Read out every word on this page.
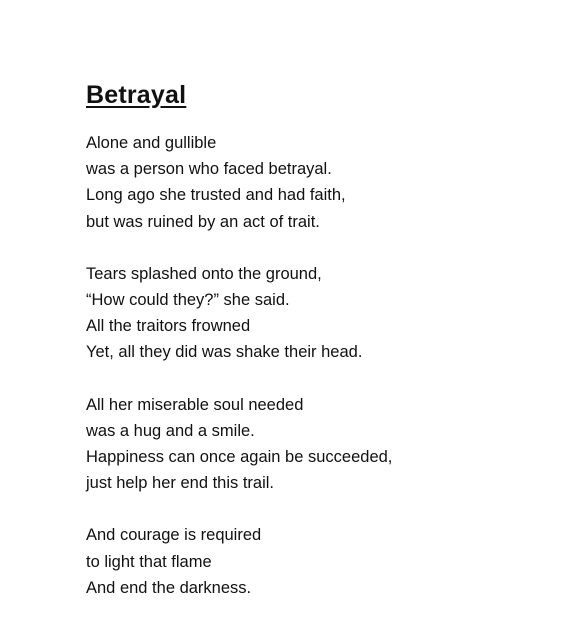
Betrayal
Alone and gullible
was a person who faced betrayal.
Long ago she trusted and had faith,
but was ruined by an act of trait.
Tears splashed onto the ground,
“How could they?” she said.
All the traitors frowned
Yet, all they did was shake their head.
All her miserable soul needed
was a hug and a smile.
Happiness can once again be succeeded,
just help her end this trail.
And courage is required
to light that flame
And end the darkness.
